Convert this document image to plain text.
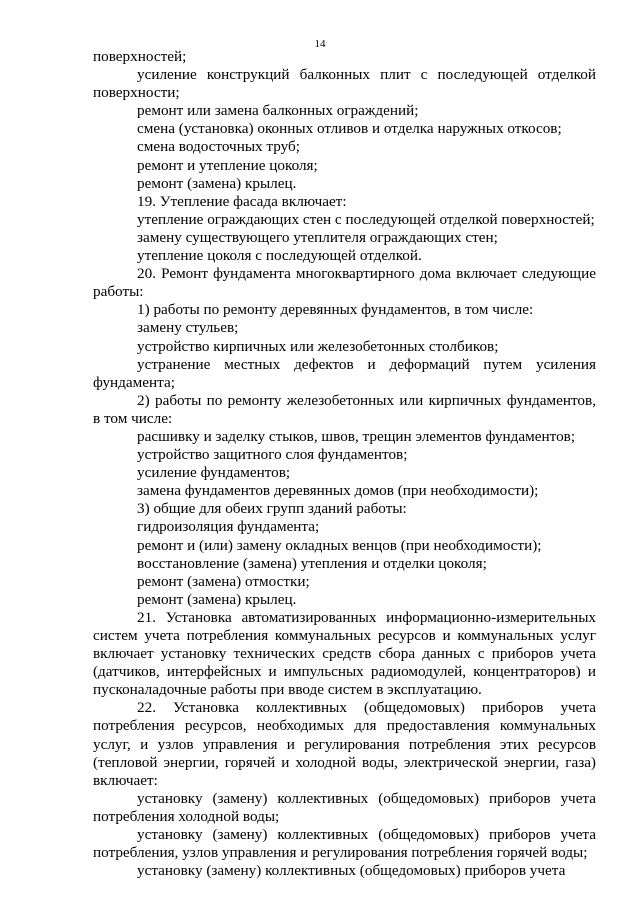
14

поверхностей;

усиление конструкций балконных плит с последующей отделкой поверхности;

ремонт или замена балконных ограждений;

смена (установка) оконных отливов и отделка наружных откосов;

смена водосточных труб;

ремонт и утепление цоколя;

ремонт (замена) крылец.

19. Утепление фасада включает:

утепление ограждающих стен с последующей отделкой поверхностей;

замену существующего утеплителя ограждающих стен;

утепление цоколя с последующей отделкой.

20. Ремонт фундамента многоквартирного дома включает следующие работы:

1) работы по ремонту деревянных фундаментов, в том числе:

замену стульев;

устройство кирпичных или железобетонных столбиков;

устранение местных дефектов и деформаций путем усиления фундамента;

2) работы по ремонту железобетонных или кирпичных фундаментов, в том числе:

расшивку и заделку стыков, швов, трещин элементов фундаментов;

устройство защитного слоя фундаментов;

усиление фундаментов;

замена фундаментов деревянных домов (при необходимости);

3) общие для обеих групп зданий работы:

гидроизоляция фундамента;

ремонт и (или) замену окладных венцов (при необходимости);

восстановление (замена) утепления и отделки цоколя;

ремонт (замена) отмостки;

ремонт (замена) крылец.

21. Установка автоматизированных информационно-измерительных систем учета потребления коммунальных ресурсов и коммунальных услуг включает установку технических средств сбора данных с приборов учета (датчиков, интерфейсных и импульсных радиомодулей, концентраторов) и пусконаладочные работы при вводе систем в эксплуатацию.

22. Установка коллективных (общедомовых) приборов учета потребления ресурсов, необходимых для предоставления коммунальных услуг, и узлов управления и регулирования потребления этих ресурсов (тепловой энергии, горячей и холодной воды, электрической энергии, газа) включает:

установку (замену) коллективных (общедомовых) приборов учета потребления холодной воды;

установку (замену) коллективных (общедомовых) приборов учета потребления, узлов управления и регулирования потребления горячей воды;

установку (замену) коллективных (общедомовых) приборов учета
